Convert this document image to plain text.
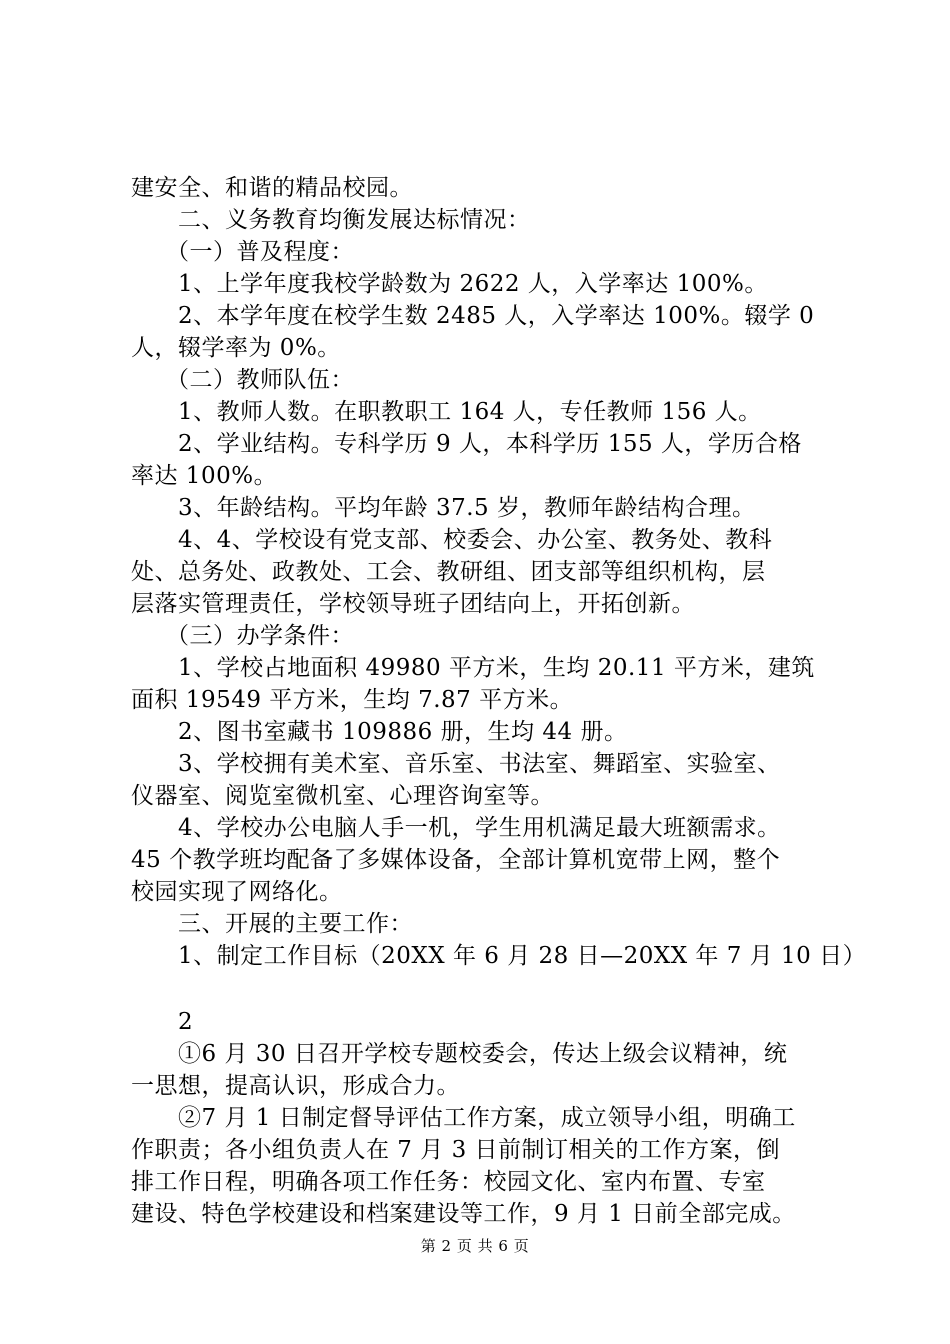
建安全、和谐的精品校园。
二、义务教育均衡发展达标情况：
（一）普及程度：
1、上学年度我校学龄数为 2622 人，入学率达 100%。
2、本学年度在校学生数 2485 人，入学率达 100%。辍学 0
人，辍学率为 0%。
（二）教师队伍：
1、教师人数。在职教职工 164 人，专任教师 156 人。
2、学业结构。专科学历 9 人，本科学历 155 人，学历合格
率达 100%。
3、年龄结构。平均年龄 37.5 岁，教师年龄结构合理。
4、4、学校设有党支部、校委会、办公室、教务处、教科
处、总务处、政教处、工会、教研组、团支部等组织机构，层
层落实管理责任，学校领导班子团结向上，开拓创新。
（三）办学条件：
1、学校占地面积 49980 平方米，生均 20.11 平方米，建筑
面积 19549 平方米，生均 7.87 平方米。
2、图书室藏书 109886 册，生均 44 册。
3、学校拥有美术室、音乐室、书法室、舞蹈室、实验室、
仪器室、阅览室微机室、心理咨询室等。
4、学校办公电脑人手一机，学生用机满足最大班额需求。
45 个教学班均配备了多媒体设备，全部计算机宽带上网，整个
校园实现了网络化。
三、开展的主要工作：
1、制定工作目标（20XX 年 6 月 28 日—20XX 年 7 月 10 日）
2
①6 月 30 日召开学校专题校委会，传达上级会议精神，统
一思想，提高认识，形成合力。
②7 月 1 日制定督导评估工作方案，成立领导小组，明确工
作职责；各小组负责人在 7 月 3 日前制订相关的工作方案，倒
排工作日程，明确各项工作任务：校园文化、室内布置、专室
建设、特色学校建设和档案建设等工作，9 月 1 日前全部完成。
第 2 页 共 6 页
